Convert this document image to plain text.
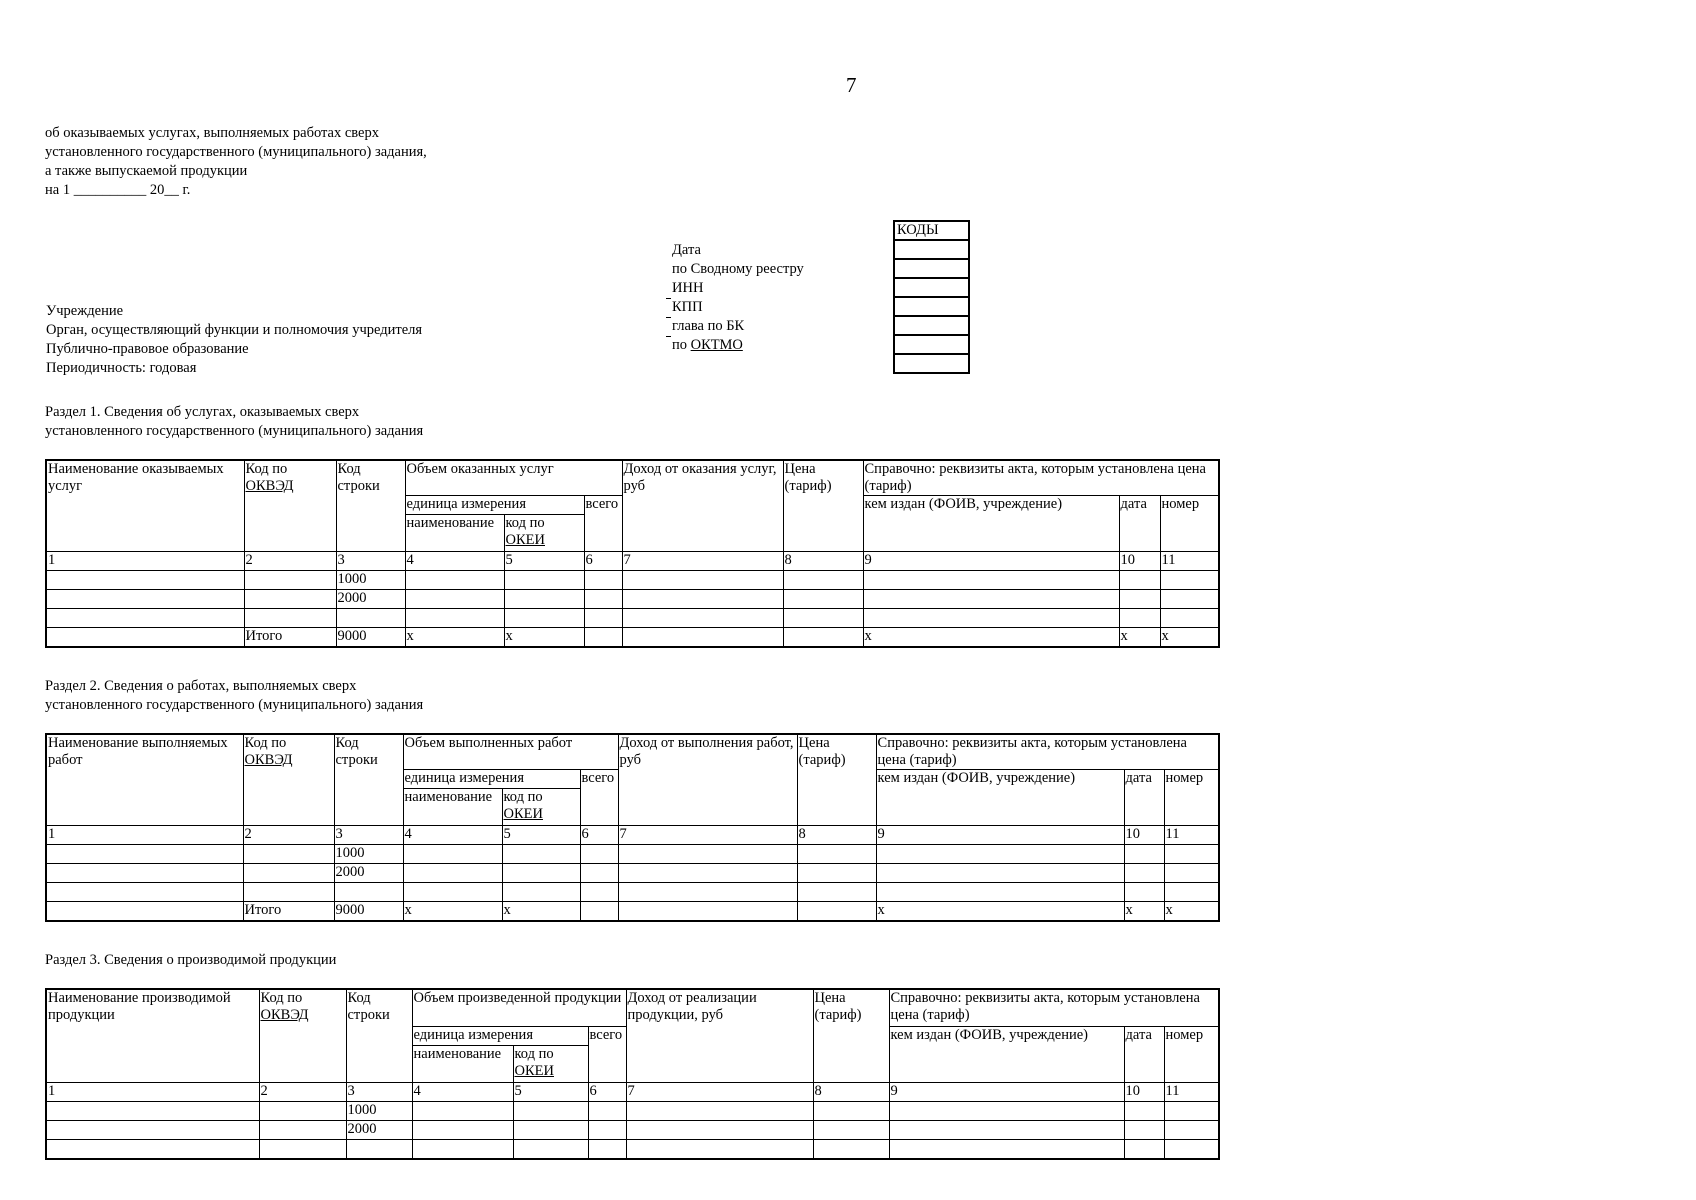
7
об оказываемых услугах, выполняемых работах сверх
установленного государственного (муниципального) задания,
а также выпускаемой продукции
на 1 __________ 20__ г.
КОДЫ

Дата
по Сводному реестру
ИНН
КПП
глава по БК
по ОКТМО
Учреждение
Орган, осуществляющий функции и полномочия учредителя
Публично-правовое образование
Периодичность: годовая
Раздел 1. Сведения об услугах, оказываемых сверх
установленного государственного (муниципального) задания
Наименование оказываемых услуг	Код по
ОКВЭД	Код строки	Объем оказанных услуг			Доход от оказания услуг, руб	Цена (тариф)	Справочно: реквизиты акта, которым установлена цена (тариф)		
			единица измерения		всего			кем издан (ФОИВ, учреждение)	дата	номер
			наименование	код по
ОКЕИ						
1	2	3	4	5	6	7	8	9	10	11
		1000								
		2000								

	Итого	9000	x	x				x	x	x
Раздел 2. Сведения о работах, выполняемых сверх
установленного государственного (муниципального) задания
Наименование выполняемых работ	Код по
ОКВЭД	Код строки	Объем выполненных работ			Доход от выполнения работ, руб	Цена (тариф)	Справочно: реквизиты акта, которым установлена цена (тариф)		
			единица измерения		всего			кем издан (ФОИВ, учреждение)	дата	номер
			наименование	код по
ОКЕИ						
1	2	3	4	5	6	7	8	9	10	11
		1000								
		2000								

	Итого	9000	x	x				x	x	x
Раздел 3. Сведения о производимой продукции
Наименование производимой продукции	Код по
ОКВЭД	Код строки	Объем произведенной продукции			Доход от реализации продукции, руб	Цена (тариф)	Справочно: реквизиты акта, которым установлена цена (тариф)		
			единица измерения		всего			кем издан (ФОИВ, учреждение)	дата	номер
			наименование	код по
ОКЕИ						
1	2	3	4	5	6	7	8	9	10	11
		1000								
		2000								
